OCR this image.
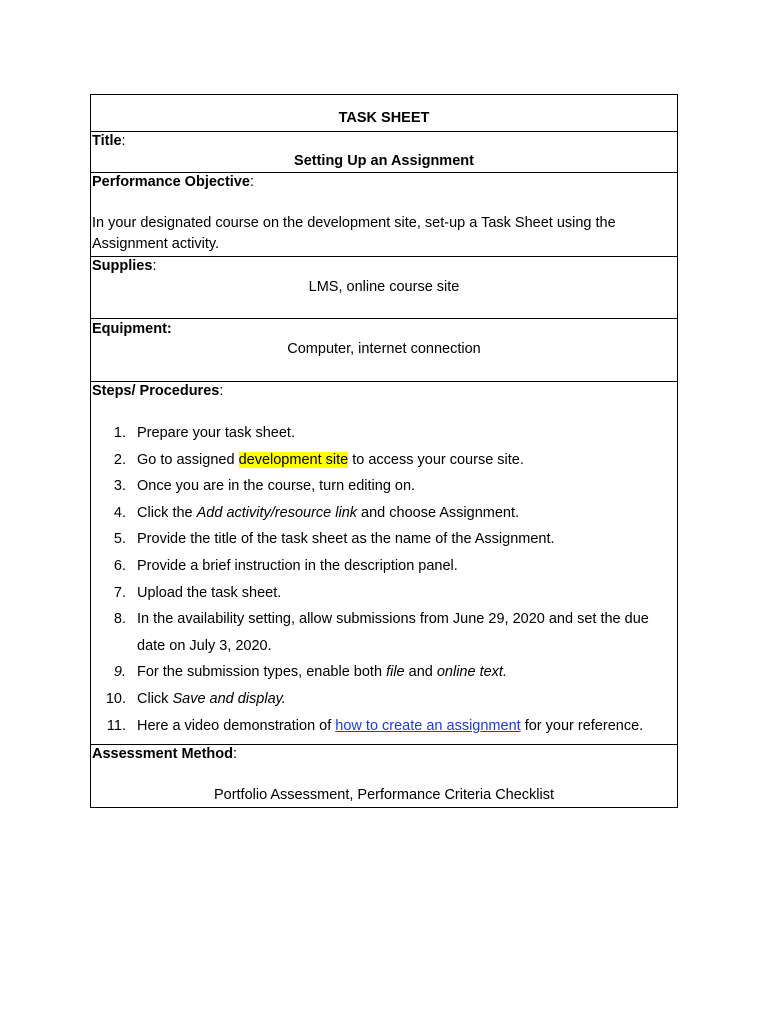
TASK SHEET
Title:
Setting Up an Assignment
Performance Objective:
In your designated course on the development site, set-up a Task Sheet using the Assignment activity.
Supplies:
LMS, online course site
Equipment:
Computer, internet connection
Steps/ Procedures:
1. Prepare your task sheet.
2. Go to assigned development site to access your course site.
3. Once you are in the course, turn editing on.
4. Click the Add activity/resource link and choose Assignment.
5. Provide the title of the task sheet as the name of the Assignment.
6. Provide a brief instruction in the description panel.
7. Upload the task sheet.
8. In the availability setting, allow submissions from June 29, 2020 and set the due date on July 3, 2020.
9. For the submission types, enable both file and online text.
10. Click Save and display.
11. Here a video demonstration of how to create an assignment for your reference.
Assessment Method:
Portfolio Assessment, Performance Criteria Checklist
